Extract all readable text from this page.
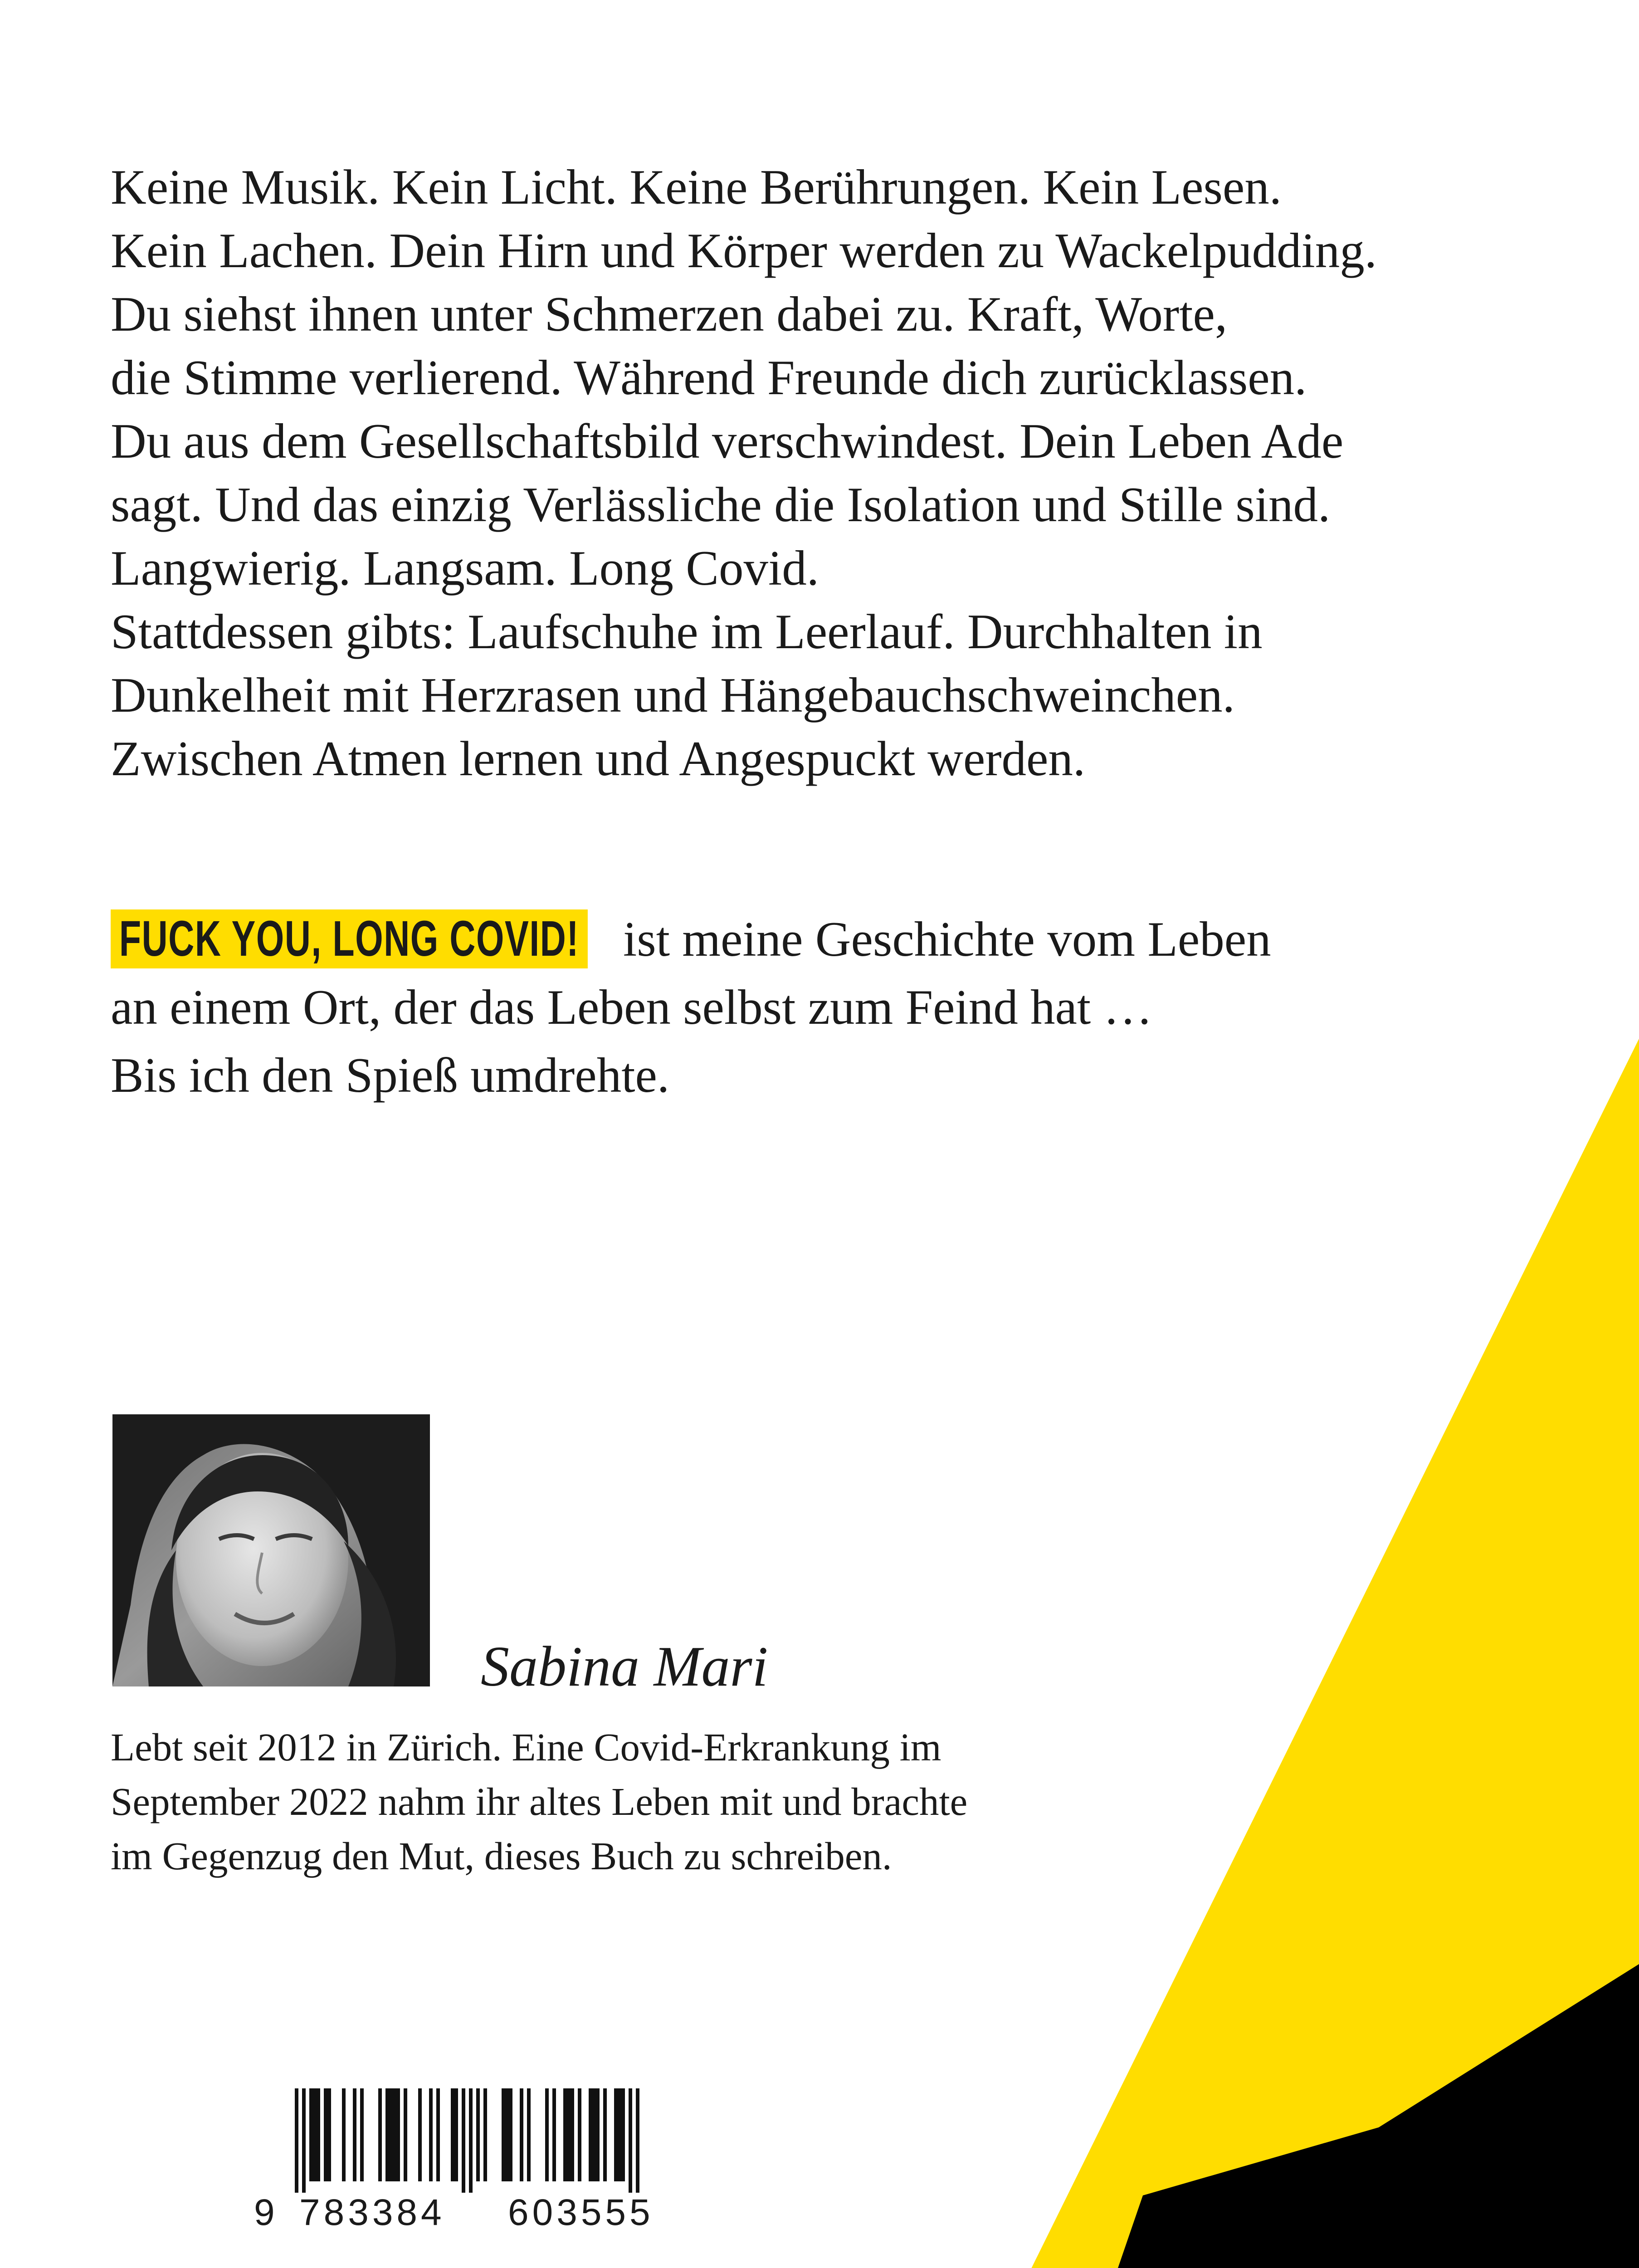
Keine Musik. Kein Licht. Keine Berührungen. Kein Lesen.
Kein Lachen. Dein Hirn und Körper werden zu Wackelpudding.
Du siehst ihnen unter Schmerzen dabei zu. Kraft, Worte,
die Stimme verlierend. Während Freunde dich zurücklassen.
Du aus dem Gesellschaftsbild verschwindest. Dein Leben Ade
sagt. Und das einzig Verlässliche die Isolation und Stille sind.
Langwierig. Langsam. Long Covid.
Stattdessen gibts: Laufschuhe im Leerlauf. Durchhalten in
Dunkelheit mit Herzrasen und Hängebauchschweinchen.
Zwischen Atmen lernen und Angespuckt werden.
FUCK YOU, LONG COVID! ist meine Geschichte vom Leben
an einem Ort, der das Leben selbst zum Feind hat …
Bis ich den Spieß umdrehte.
Sabina Mari
Lebt seit 2012 in Zürich. Eine Covid-Erkrankung im
September 2022 nahm ihr altes Leben mit und brachte
im Gegenzug den Mut, dieses Buch zu schreiben.
9 783384 603555
